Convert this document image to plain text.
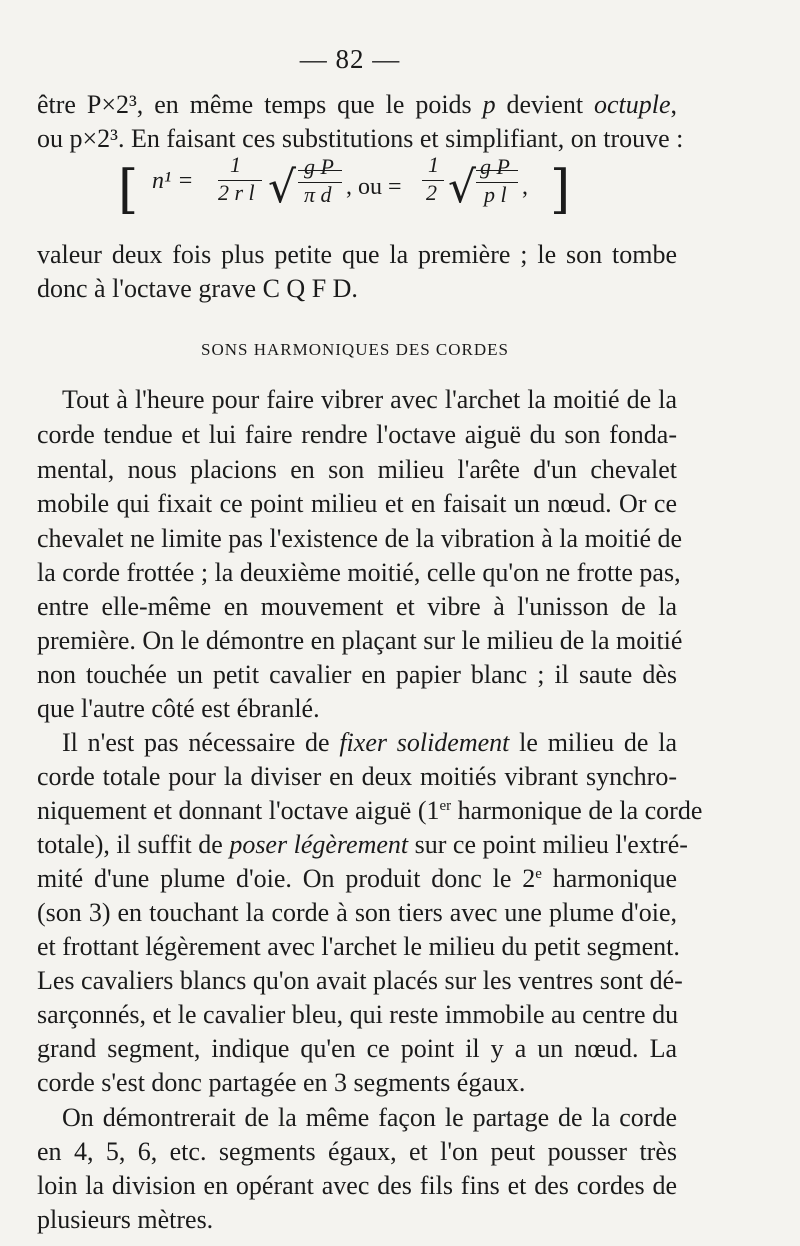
— 82 —
être P×2³, en même temps que le poids p devient octuple,
ou p×2³. En faisant ces substitutions et simplifiant, on trouve :
[ n¹ =
1
2 r l √ g P
π d , ou =
1
2 √ g P
p l , ]
valeur deux fois plus petite que la première ; le son tombe
donc à l'octave grave C Q F D.
SONS HARMONIQUES DES CORDES
Tout à l'heure pour faire vibrer avec l'archet la moitié de la
corde tendue et lui faire rendre l'octave aiguë du son fonda-
mental, nous placions en son milieu l'arête d'un chevalet
mobile qui fixait ce point milieu et en faisait un nœud. Or ce
chevalet ne limite pas l'existence de la vibration à la moitié de
la corde frottée ; la deuxième moitié, celle qu'on ne frotte pas,
entre elle-même en mouvement et vibre à l'unisson de la
première. On le démontre en plaçant sur le milieu de la moitié
non touchée un petit cavalier en papier blanc ; il saute dès
que l'autre côté est ébranlé.
Il n'est pas nécessaire de fixer solidement le milieu de la
corde totale pour la diviser en deux moitiés vibrant synchro-
niquement et donnant l'octave aiguë (1er harmonique de la corde
totale), il suffit de poser légèrement sur ce point milieu l'extré-
mité d'une plume d'oie. On produit donc le 2e harmonique
(son 3) en touchant la corde à son tiers avec une plume d'oie,
et frottant légèrement avec l'archet le milieu du petit segment.
Les cavaliers blancs qu'on avait placés sur les ventres sont dé-
sarçonnés, et le cavalier bleu, qui reste immobile au centre du
grand segment, indique qu'en ce point il y a un nœud. La
corde s'est donc partagée en 3 segments égaux.
On démontrerait de la même façon le partage de la corde
en 4, 5, 6, etc. segments égaux, et l'on peut pousser très
loin la division en opérant avec des fils fins et des cordes de
plusieurs mètres.
